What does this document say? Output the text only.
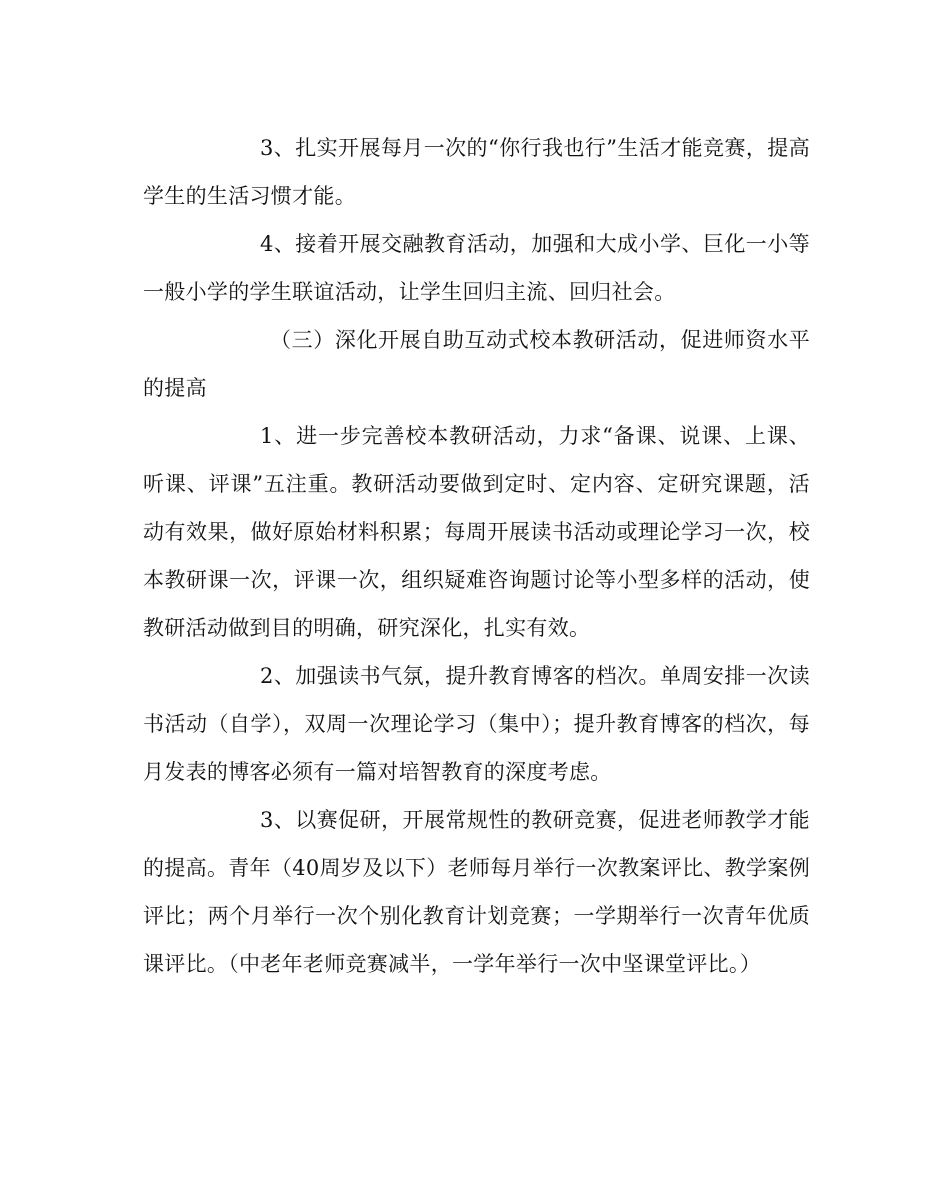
3、扎实开展每月一次的“你行我也行”生活才能竞赛，提高学生的生活习惯才能。

4、接着开展交融教育活动，加强和大成小学、巨化一小等一般小学的学生联谊活动，让学生回归主流、回归社会。

（三）深化开展自助互动式校本教研活动，促进师资水平的提高

1、进一步完善校本教研活动，力求“备课、说课、上课、听课、评课”五注重。教研活动要做到定时、定内容、定研究课题，活动有效果，做好原始材料积累；每周开展读书活动或理论学习一次，校本教研课一次，评课一次，组织疑难咨询题讨论等小型多样的活动，使教研活动做到目的明确，研究深化，扎实有效。

2、加强读书气氛，提升教育博客的档次。单周安排一次读书活动（自学），双周一次理论学习（集中）；提升教育博客的档次，每月发表的博客必须有一篇对培智教育的深度考虑。

3、以赛促研，开展常规性的教研竞赛，促进老师教学才能的提高。青年（40周岁及以下）老师每月举行一次教案评比、教学案例评比；两个月举行一次个别化教育计划竞赛；一学期举行一次青年优质课评比。（中老年老师竞赛减半，一学年举行一次中坚课堂评比。）
